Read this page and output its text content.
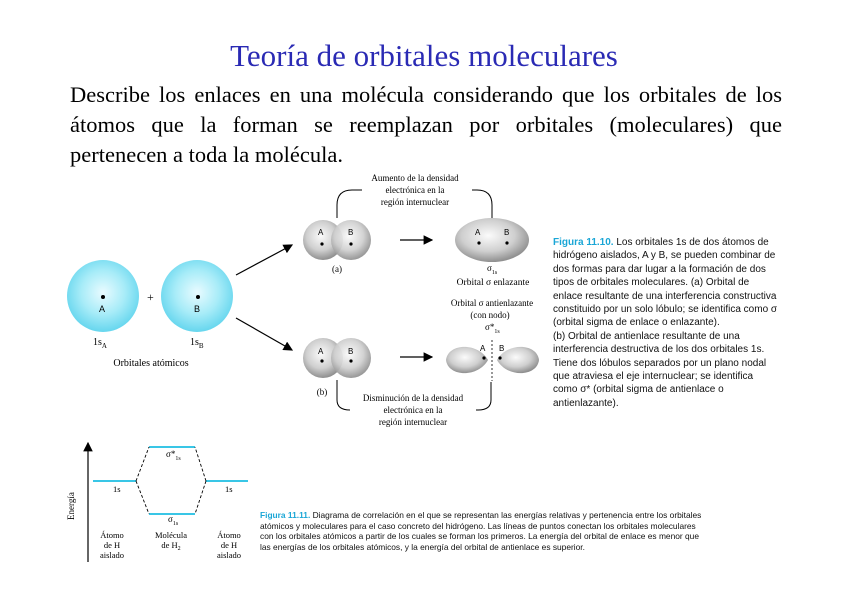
Teoría de orbitales moleculares
Describe los enlaces en una molécula considerando que los orbitales de los átomos que la forman se reemplazan por orbitales (moleculares) que pertenecen a toda la molécula.
A
+
B
$1s_A$	$1s_B$
Orbitales atómicos
A	B
(a)
A	B
$\sigma_{1s}$
Orbital σ enlazante
Aumento de la densidad
electrónica en la
región internuclear
A	B
(b)
A B
Orbital σ antienlazante
(con nodo)
$\sigma*_{1s}$
Disminución de la densidad
electrónica en la
región internuclear
$\sigma*_{1s}$
$\sigma_{1s}$
1s	1s
Átomo
de H
aislado
Molécula
de $H_2$
Átomo
de H
aislado
Energía
Figura 11.10. Los orbitales 1s de dos átomos de hidrógeno aislados, A y B, se pueden combinar de dos formas para dar lugar a la formación de dos tipos de orbitales moleculares. (a) Orbital de enlace resultante de una interferencia constructiva constituido por un solo lóbulo; se identifica como σ (orbital sigma de enlace o enlazante).
(b) Orbital de antienlace resultante de una interferencia destructiva de los dos orbitales 1s. Tiene dos lóbulos separados por un plano nodal que atraviesa el eje internuclear; se identifica como σ* (orbital sigma de antienlace o antienlazante).
Figura 11.11. Diagrama de correlación en el que se representan las energías relativas y pertenencia entre los orbitales atómicos y moleculares para el caso concreto del hidrógeno. Las líneas de puntos conectan los orbitales moleculares con los orbitales atómicos a partir de los cuales se forman los primeros. La energía del orbital de enlace es menor que las energías de los orbitales atómicos, y la energía del orbital de antienlace es superior.
